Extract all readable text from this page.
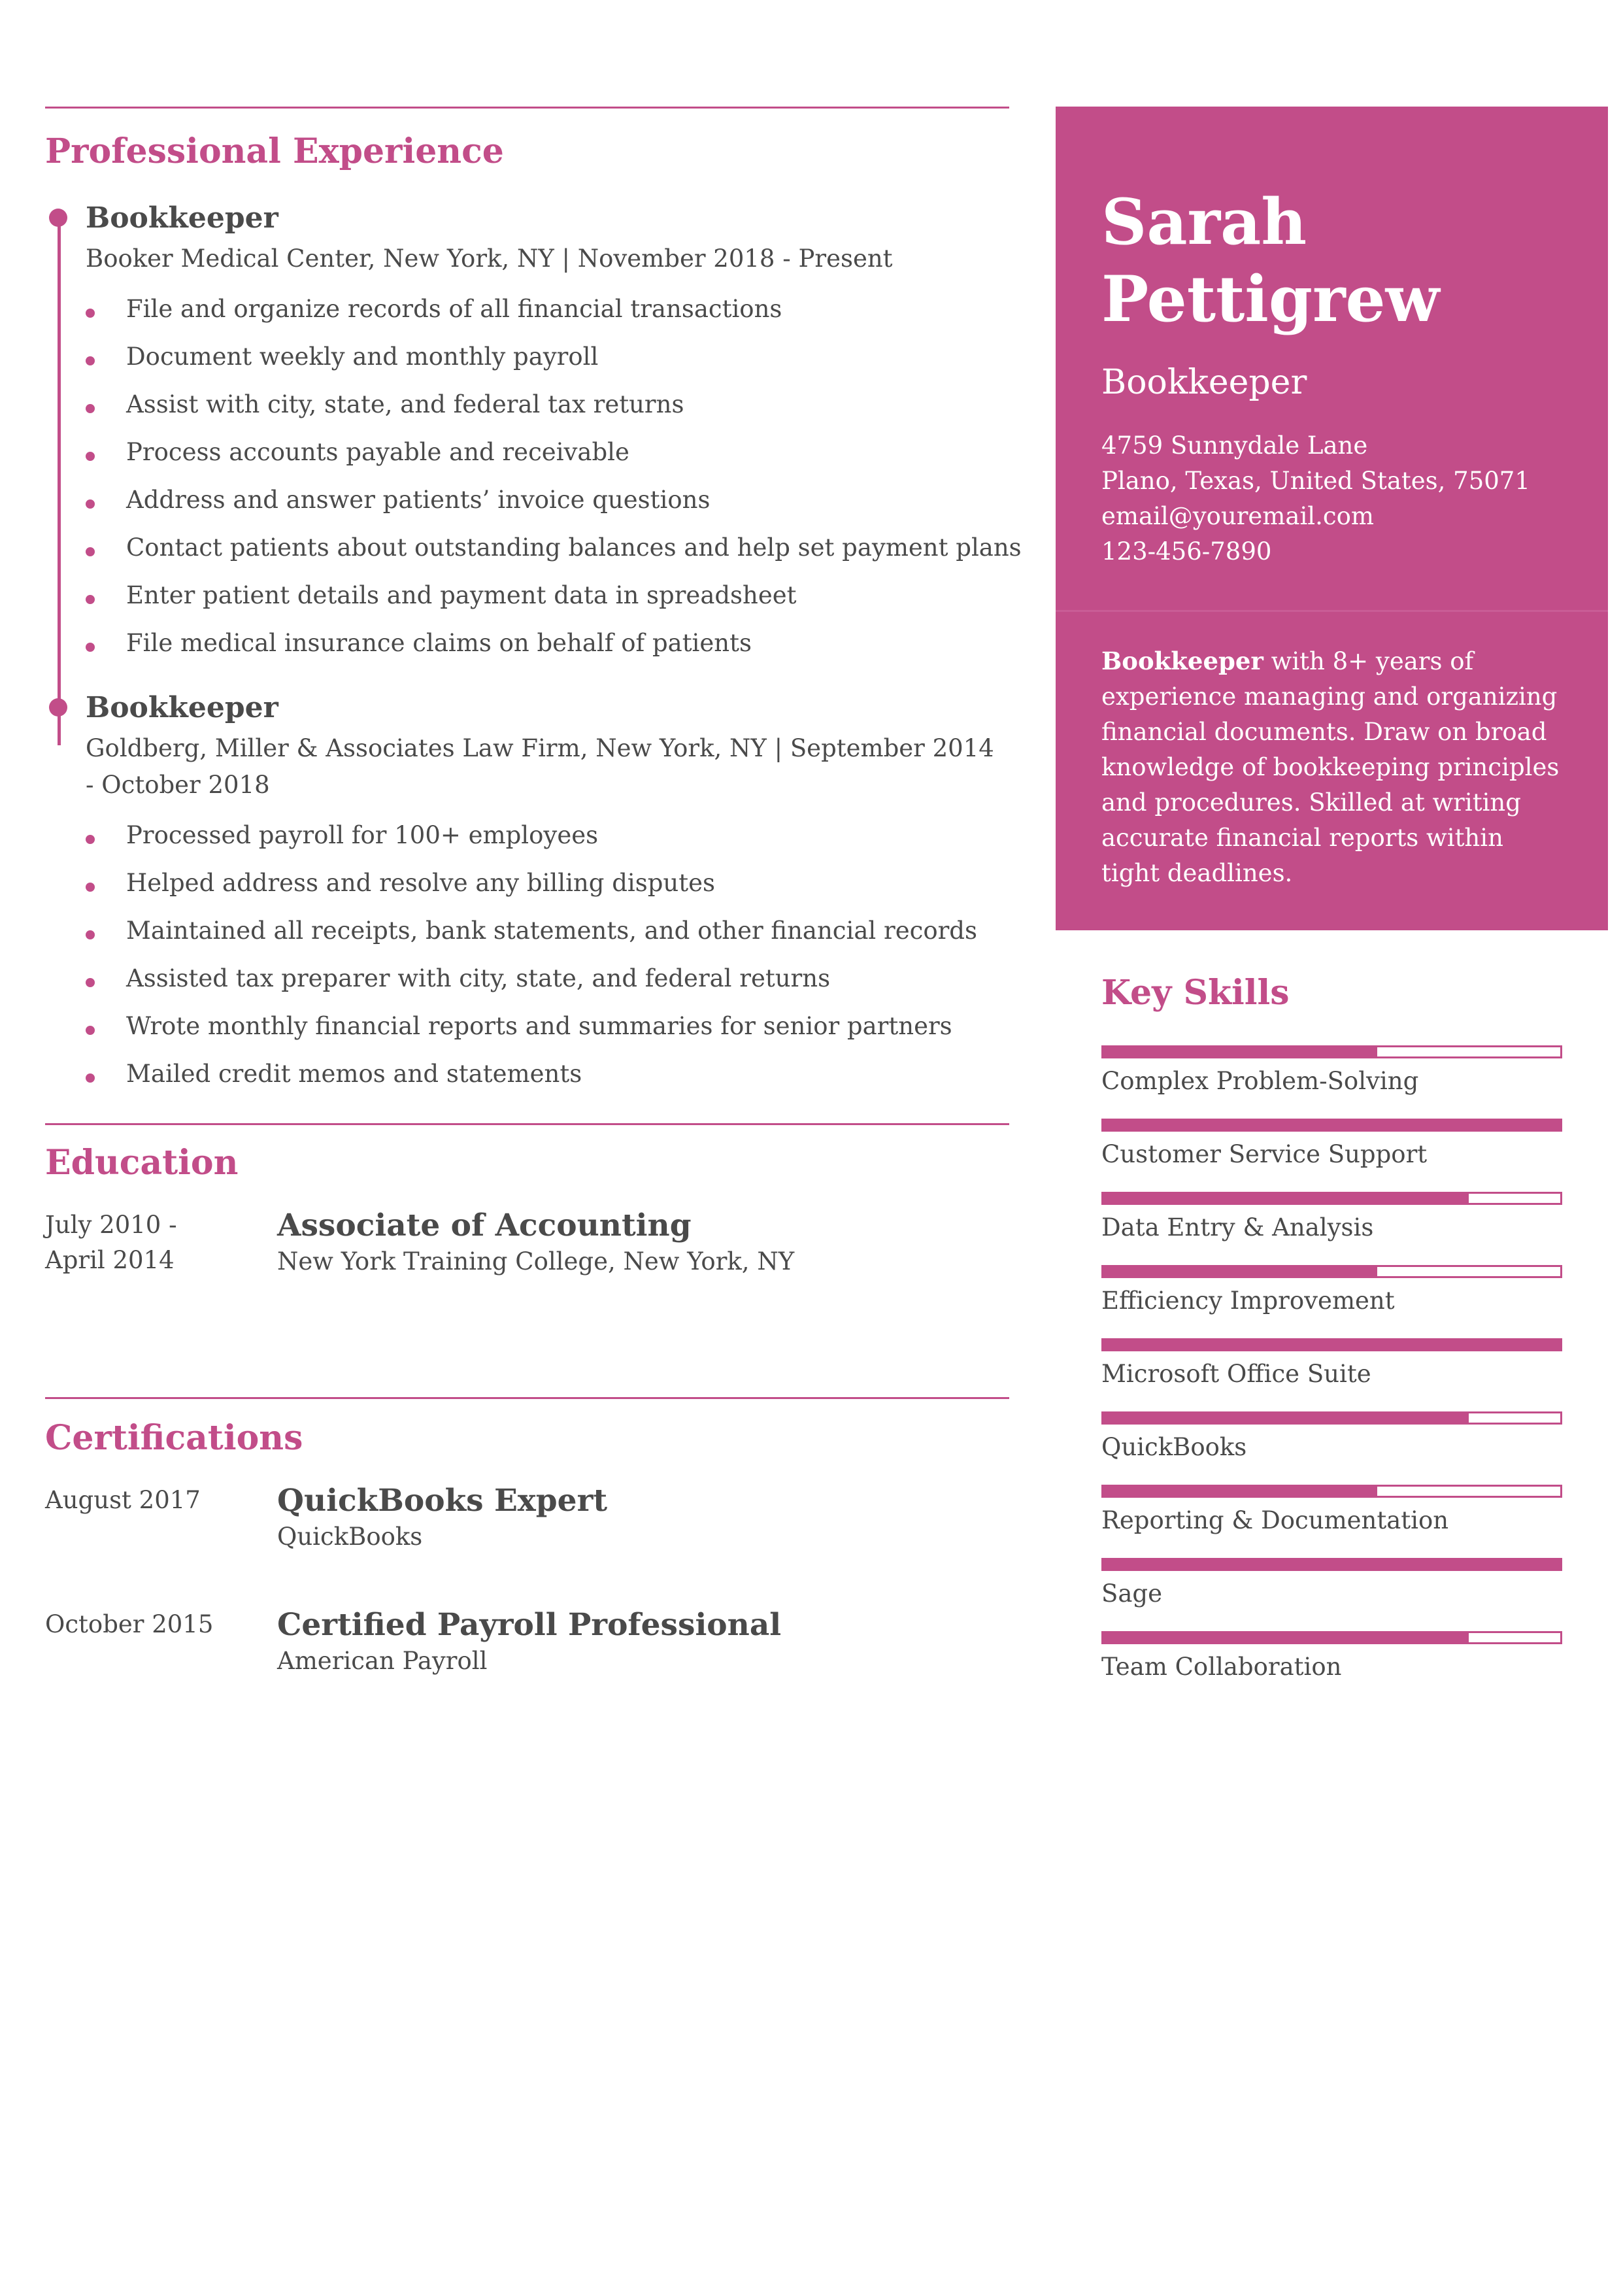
Professional Experience
Bookkeeper
Booker Medical Center, New York, NY | November 2018 - Present
File and organize records of all financial transactions
Document weekly and monthly payroll
Assist with city, state, and federal tax returns
Process accounts payable and receivable
Address and answer patients’ invoice questions
Contact patients about outstanding balances and help set payment plans
Enter patient details and payment data in spreadsheet
File medical insurance claims on behalf of patients
Bookkeeper
Goldberg, Miller & Associates Law Firm, New York, NY | September 2014 - October 2018
Processed payroll for 100+ employees
Helped address and resolve any billing disputes
Maintained all receipts, bank statements, and other financial records
Assisted tax preparer with city, state, and federal returns
Wrote monthly financial reports and summaries for senior partners
Mailed credit memos and statements
Education
July 2010 - April 2014
Associate of Accounting
New York Training College, New York, NY
Certifications
August 2017	QuickBooks Expert
QuickBooks
October 2015	Certified Payroll Professional
American Payroll
Sarah
Pettigrew
Bookkeeper
4759 Sunnydale Lane
Plano, Texas, United States, 75071
email@youremail.com
123-456-7890
Bookkeeper with 8+ years of experience managing and organizing financial documents. Draw on broad knowledge of bookkeeping principles and procedures. Skilled at writing accurate financial reports within tight deadlines.
Key Skills
Complex Problem-Solving
Customer Service Support
Data Entry & Analysis
Efficiency Improvement
Microsoft Office Suite
QuickBooks
Reporting & Documentation
Sage
Team Collaboration
